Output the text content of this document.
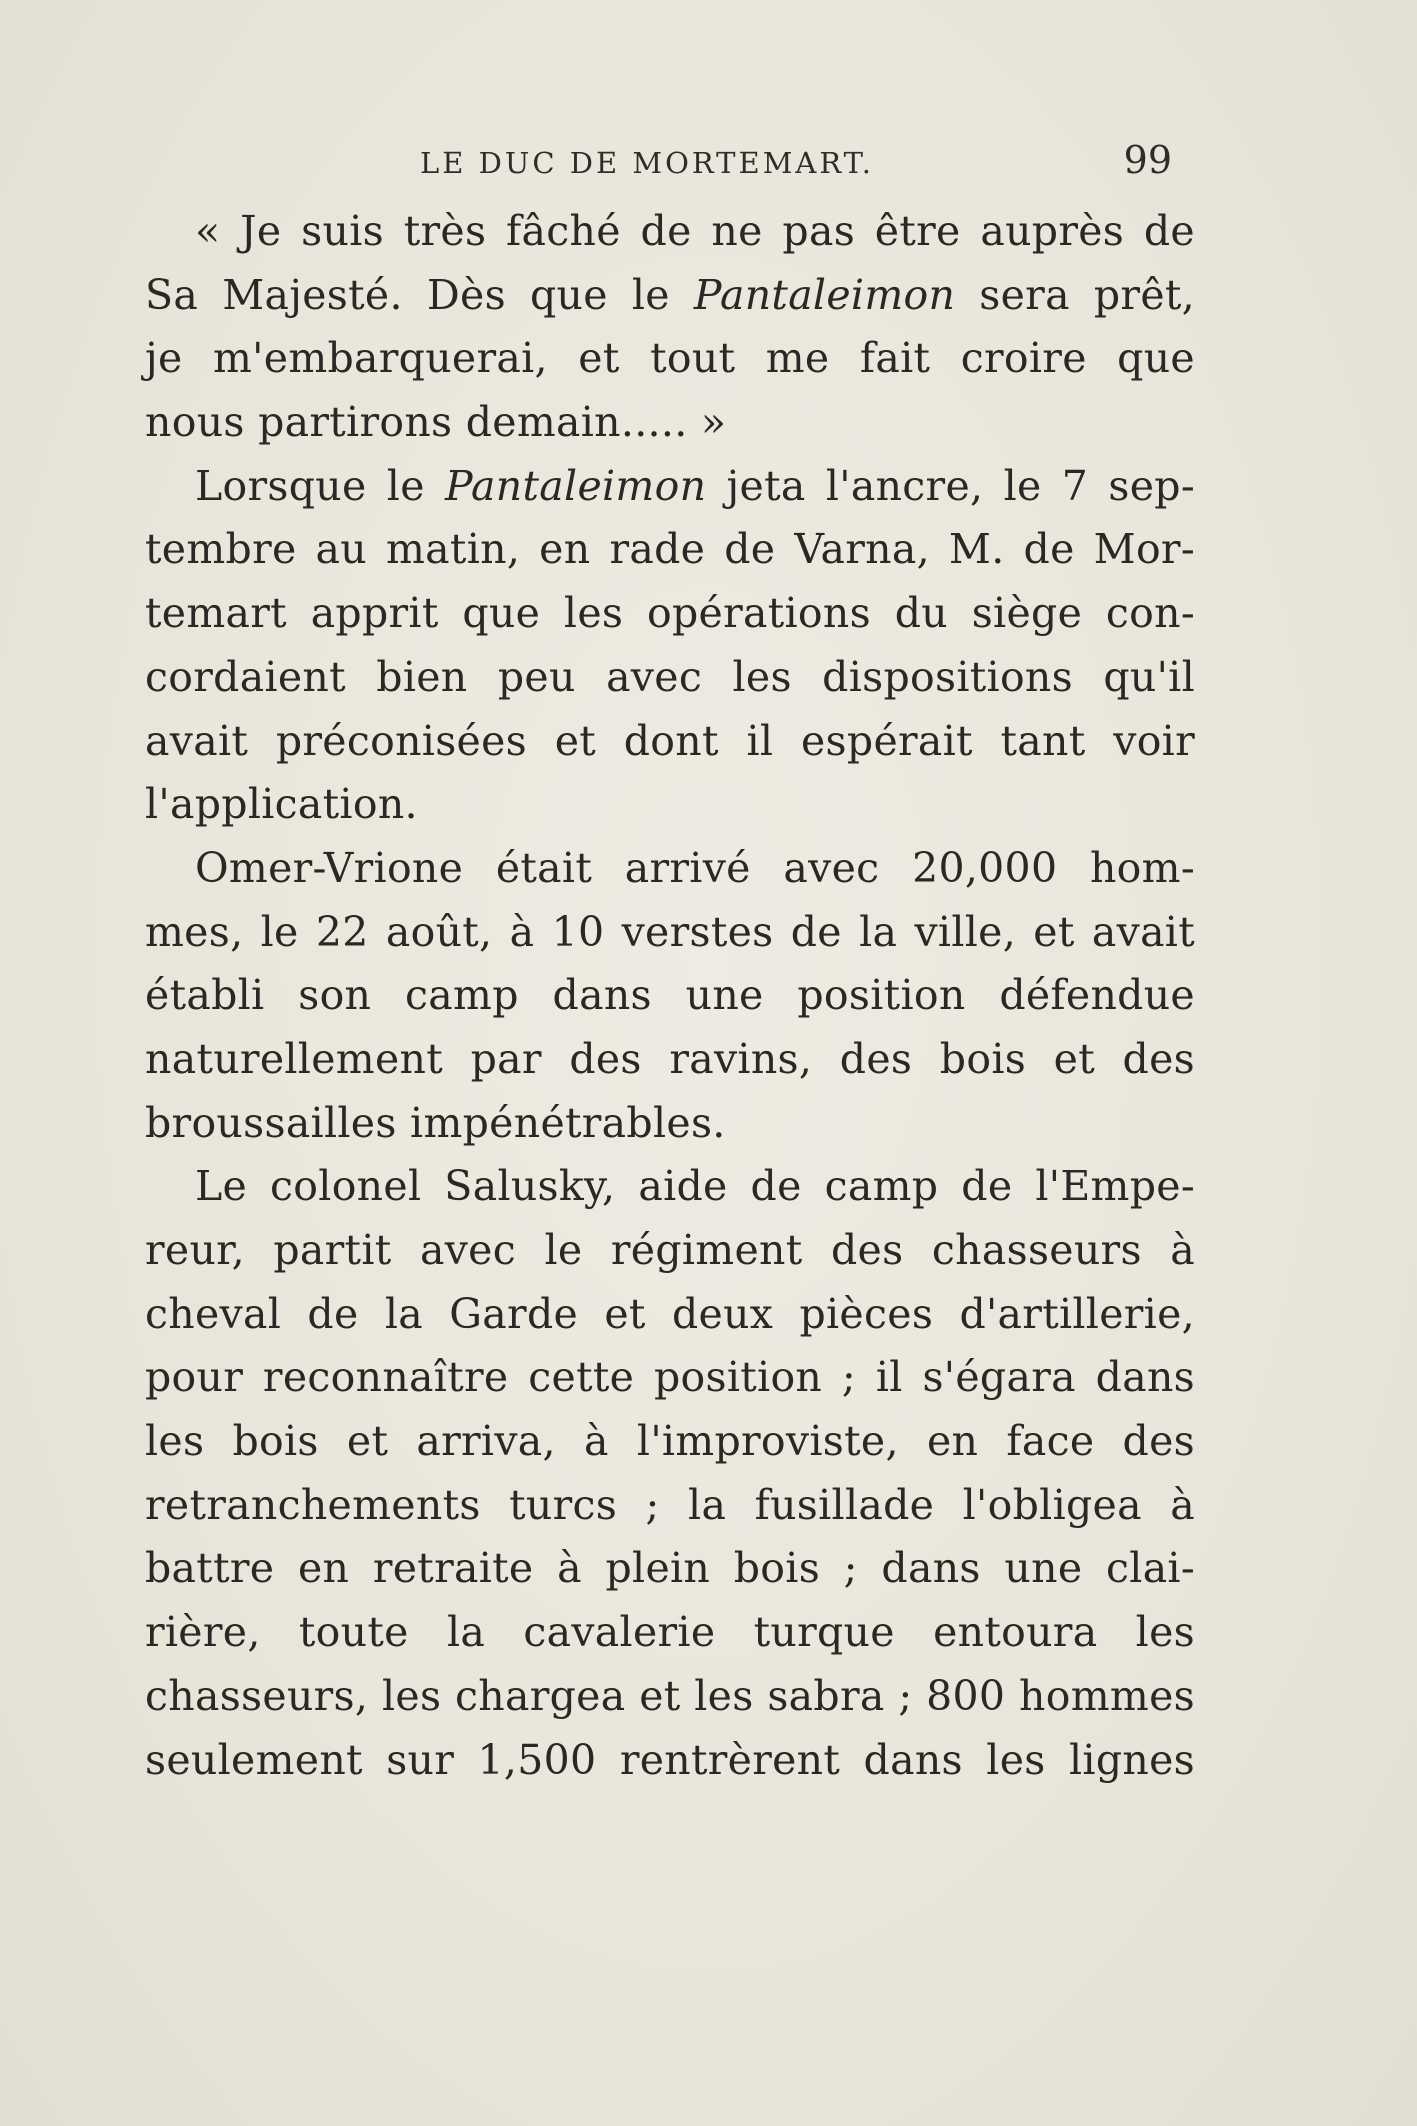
LE DUC DE MORTEMART.	99
« Je suis très fâché de ne pas être auprès de
Sa Majesté. Dès que le Pantaleimon sera prêt,
je m'embarquerai, et tout me fait croire que
nous partirons demain..... »
Lorsque le Pantaleimon jeta l'ancre, le 7 sep-
tembre au matin, en rade de Varna, M. de Mor-
temart apprit que les opérations du siège con-
cordaient bien peu avec les dispositions qu'il
avait préconisées et dont il espérait tant voir
l'application.
Omer-Vrione était arrivé avec 20,000 hom-
mes, le 22 août, à 10 verstes de la ville, et avait
établi son camp dans une position défendue
naturellement par des ravins, des bois et des
broussailles impénétrables.
Le colonel Salusky, aide de camp de l'Empe-
reur, partit avec le régiment des chasseurs à
cheval de la Garde et deux pièces d'artillerie,
pour reconnaître cette position ; il s'égara dans
les bois et arriva, à l'improviste, en face des
retranchements turcs ; la fusillade l'obligea à
battre en retraite à plein bois ; dans une clai-
rière, toute la cavalerie turque entoura les
chasseurs, les chargea et les sabra ; 800 hommes
seulement sur 1,500 rentrèrent dans les lignes
